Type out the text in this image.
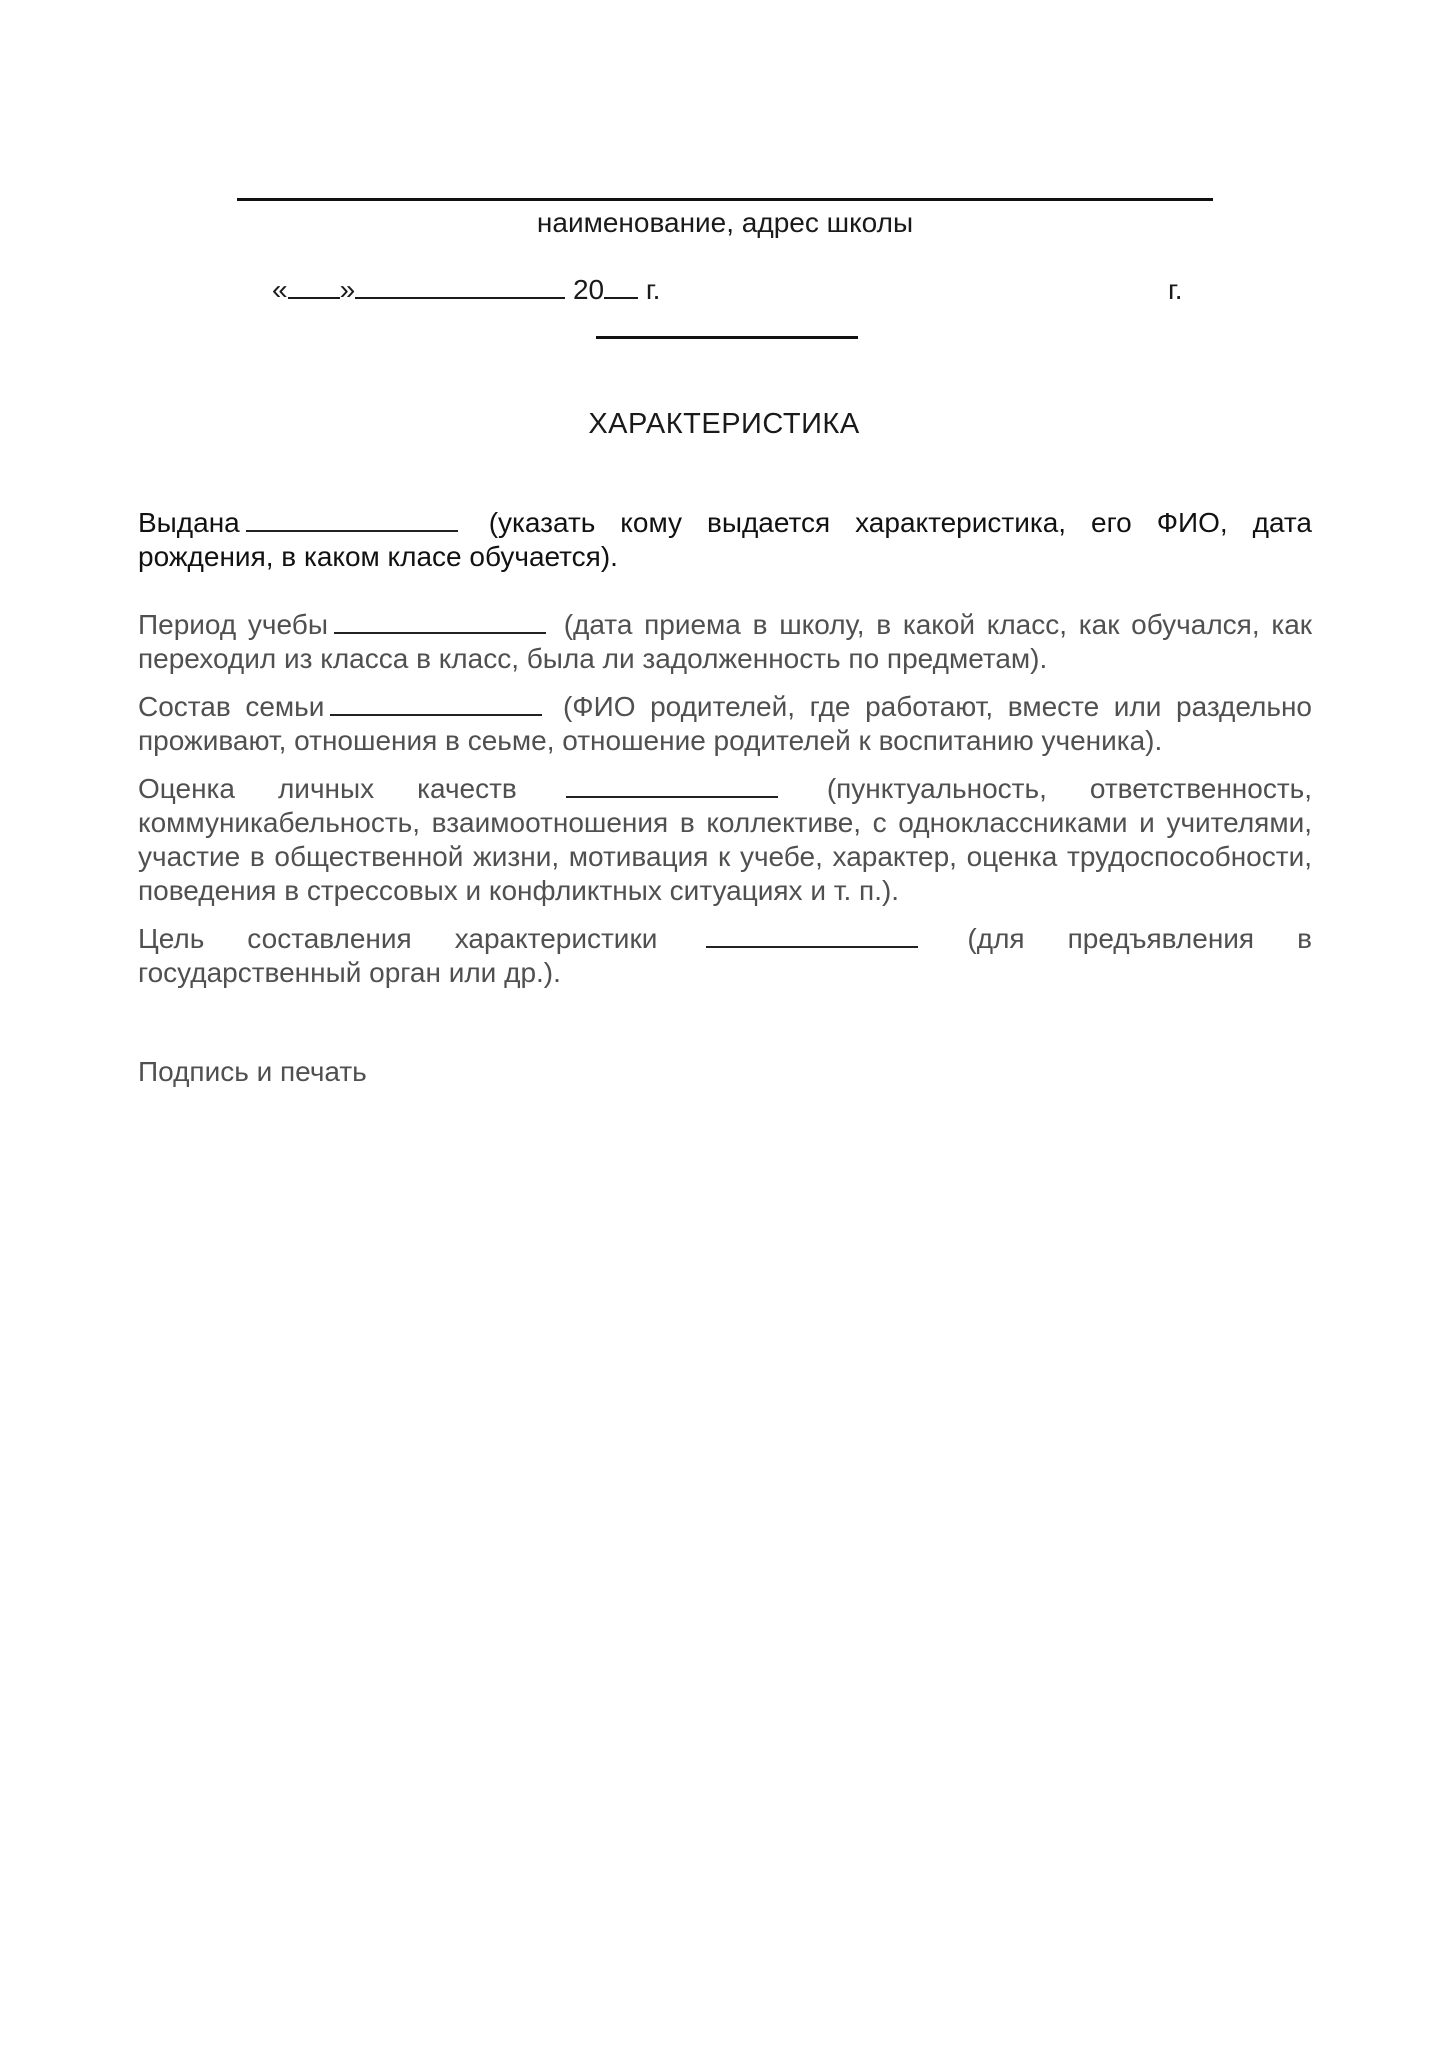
наименование, адрес школы
« »	20 г.	г.
ХАРАКТЕРИСТИКА

Выдана	(указать кому выдается характеристика, его ФИО, дата рождения, в каком класе обучается).

Период учебы	(дата приема в школу, в какой класс, как обучался, как переходил из класса в класс, была ли задолженность по предметам).

Состав семьи	(ФИО родителей, где работают, вместе или раздельно проживают, отношения в сеьме, отношение родителей к воспитанию ученика).

Оценка личных качеств	(пунктуальность, ответственность, коммуникабельность, взаимоотношения в коллективе, с одноклассниками и учителями, участие в общественной жизни, мотивация к учебе, характер, оценка трудоспособности, поведения в стрессовых и конфликтных ситуациях и т. п.).

Цель составления характеристики	(для предъявления в государственный орган или др.).

Подпись и печать
